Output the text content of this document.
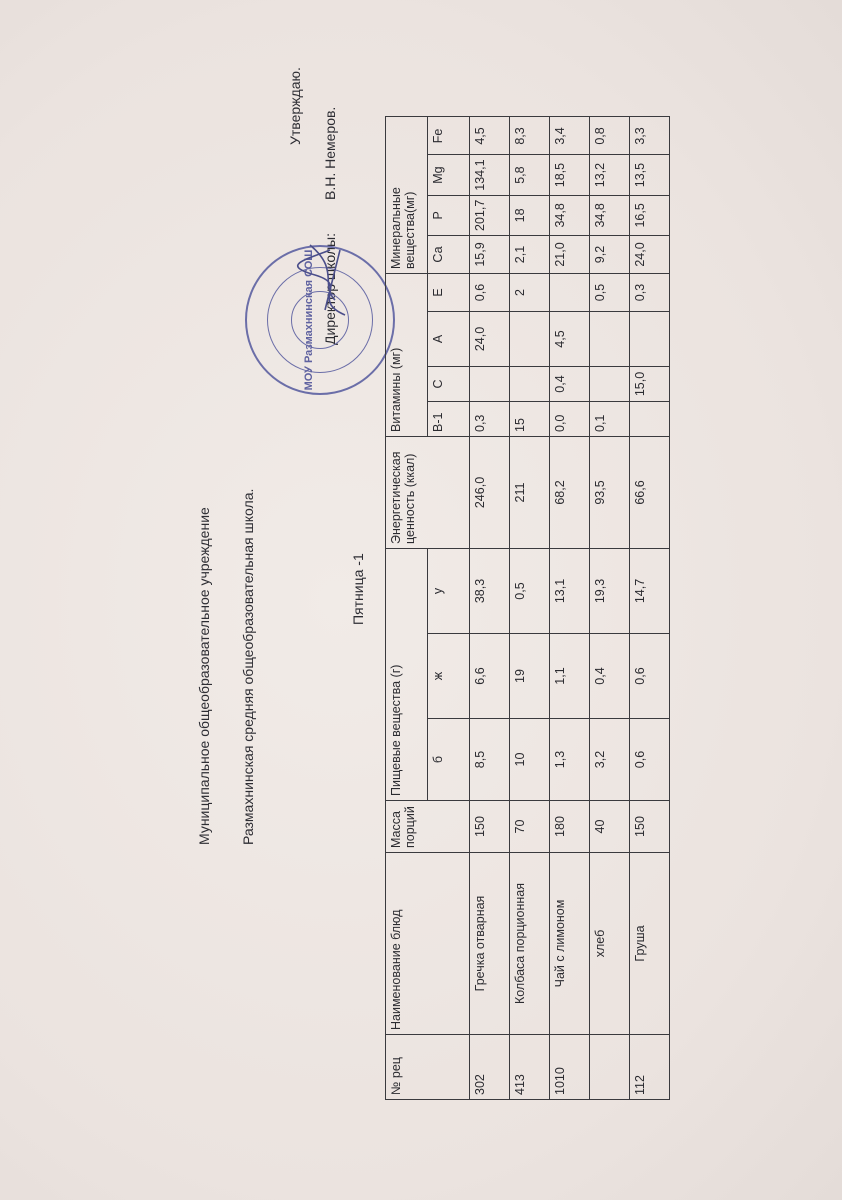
Муниципальное общеобразовательное учреждение Размахнинская средняя общеобразовательная школа.	Пятница -1
Утверждаю.
Директор школы:
В.Н. Немеров.
МОУ Размахнинская СОШ
№ рец	Наименование блюд	Масса порций	Пищевые вещества (г)			Энергетическая ценность (ккал)	Витамины (мг)				Минеральные вещества(мг)			
			б	ж	у		В-1	С	А	Е	Са	Р	Mg	Fe
302	Гречка отварная	150	8,5	6,6	38,3	246,0	0,3		24,0	0,6	15,9	201,7	134,1	4,5
413	Колбаса порционная	70	10	19	0,5	211	15			2	2,1	18	5,8	8,3
1010	Чай с лимоном	180	1,3	1,1	13,1	68,2	0,0	0,4	4,5		21,0	34,8	18,5	3,4
	хлеб	40	3,2	0,4	19,3	93,5	0,1			0,5	9,2	34,8	13,2	0,8
112	Груша	150	0,6	0,6	14,7	66,6		15,0		0,3	24,0	16,5	13,5	3,3
